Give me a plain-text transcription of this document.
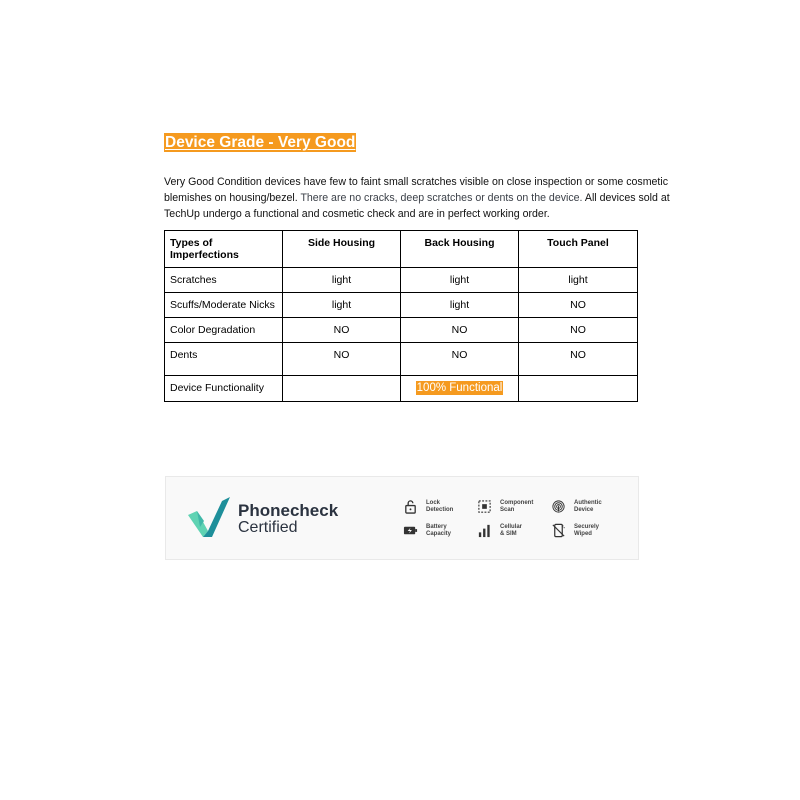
Device Grade - Very Good

Very Good Condition devices have few to faint small scratches visible on close inspection or some cosmetic blemishes on housing/bezel. There are no cracks, deep scratches or dents on the device. All devices sold at TechUp undergo a functional and cosmetic check and are in perfect working order.

Types of Imperfections	Side Housing	Back Housing	Touch Panel
Scratches	light	light	light
Scuffs/Moderate Nicks	light	light	NO
Color Degradation	NO	NO	NO
Dents	NO	NO	NO
Device Functionality		100% Functional	
Phonecheck
Certified
Lock
Detection
Component
Scan
Authentic
Device
Battery
Capacity
Cellular
& SIM
Securely
Wiped
